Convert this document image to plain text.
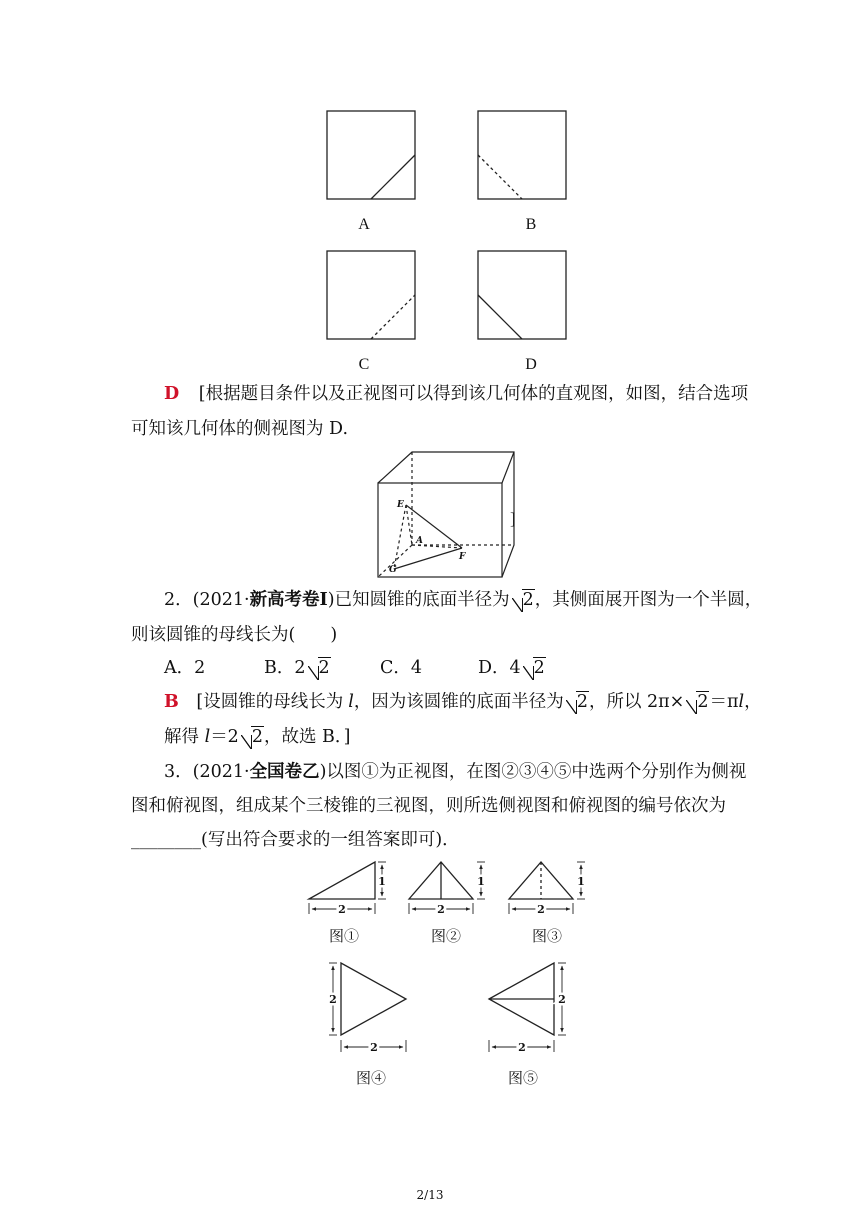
A	B
C	D
D [根据题目条件以及正视图可以得到该几何体的直观图，如图，结合选项
可知该几何体的侧视图为 D.
E
A
F
G
]
2．(2021·新高考卷Ⅰ)已知圆锥的底面半径为 2，其侧面展开图为一个半圆，
则该圆锥的母线长为(　　)
A．2	B．2 2	C．4	D．4 2
B [设圆锥的母线长为 l，因为该圆锥的底面半径为 2，所以 2π× 2＝πl，
解得 l＝2 2，故选 B．]
3．(2021·全国卷乙)以图①为正视图，在图②③④⑤中选两个分别作为侧视
图和俯视图，组成某个三棱锥的三视图，则所选侧视图和俯视图的编号依次为
________(写出符合要求的一组答案即可)．
2
1
2
1
2
1
2
2
2
2
图①	图②	图③
图④	图⑤
2/13
